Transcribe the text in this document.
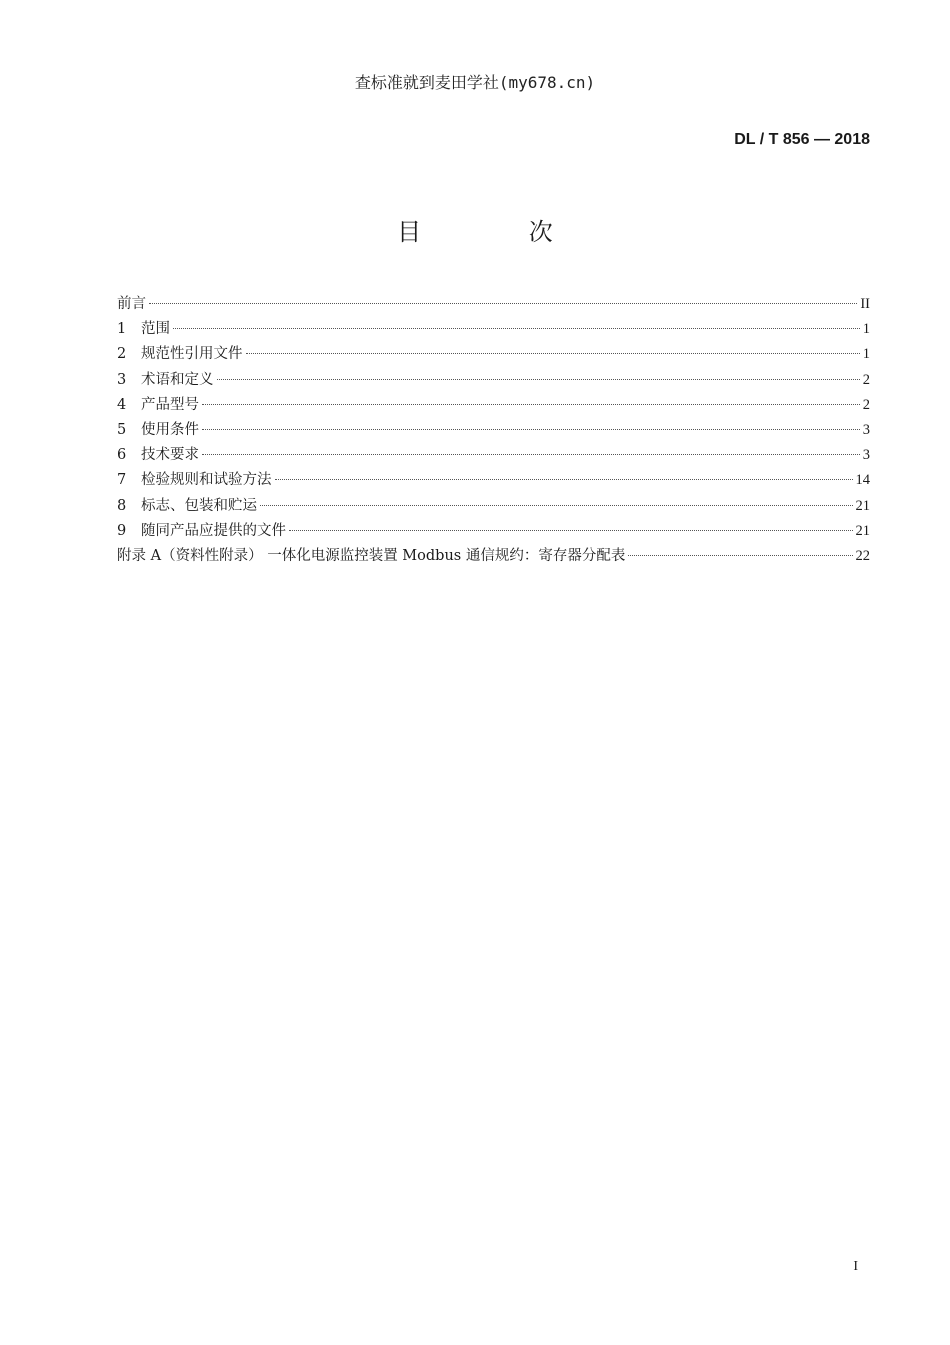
查标准就到麦田学社(my678.cn)
DL / T 856 — 2018
目 次
前言	II
1	范围	1
2	规范性引用文件	1
3	术语和定义	2
4	产品型号	2
5	使用条件	3
6	技术要求	3
7	检验规则和试验方法	14
8	标志、包装和贮运	21
9	随同产品应提供的文件	21
附录 A（资料性附录） 一体化电源监控装置 Modbus 通信规约：寄存器分配表	22
I
